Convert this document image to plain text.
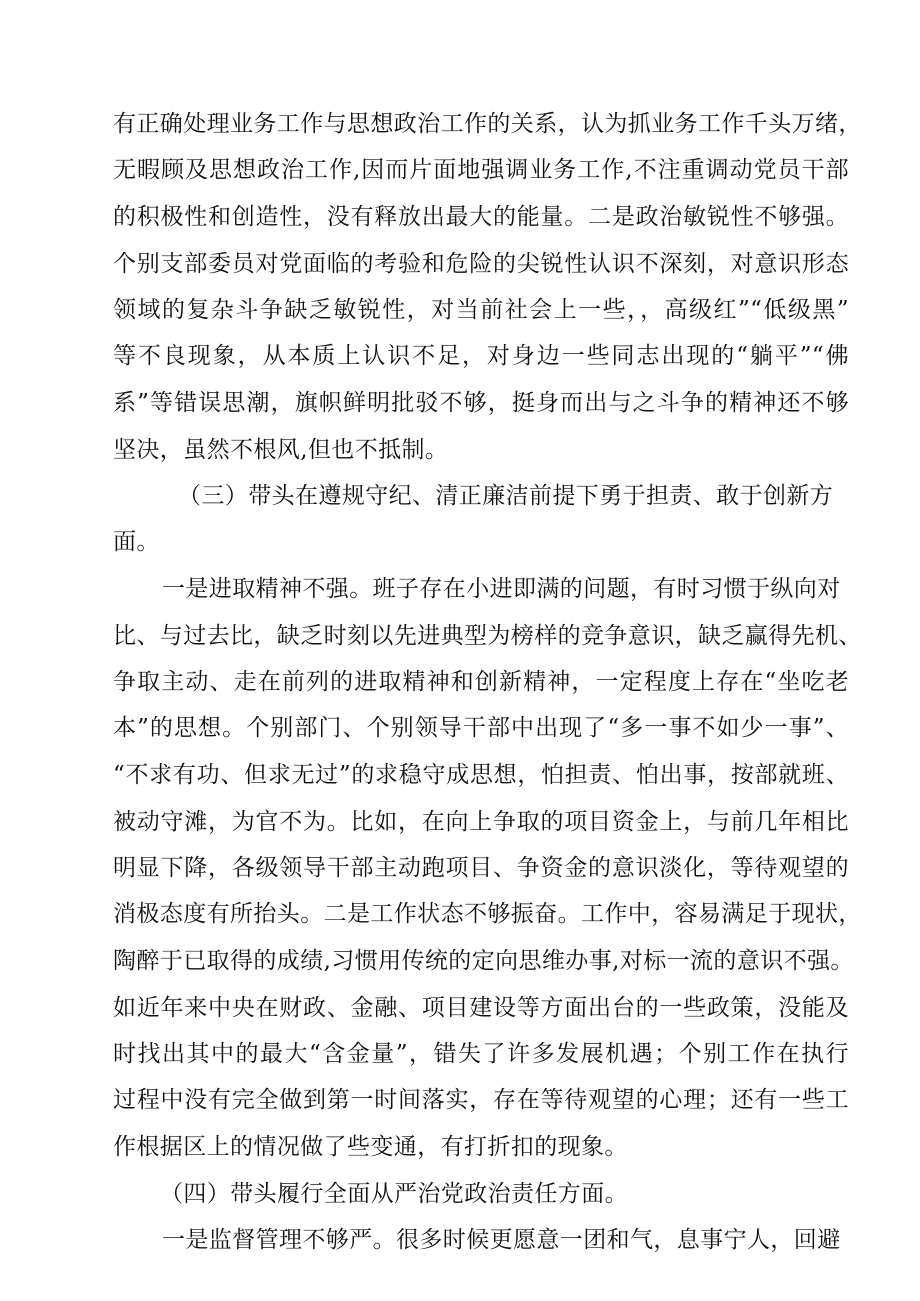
有正确处理业务工作与思想政治工作的关系，认为抓业务工作千头万绪，
无暇顾及思想政治工作,因而片面地强调业务工作,不注重调动党员干部
的积极性和创造性，没有释放出最大的能量。二是政治敏锐性不够强。
个别支部委员对党面临的考验和危险的尖锐性认识不深刻，对意识形态
领域的复杂斗争缺乏敏锐性，对当前社会上一些，，高级红”“低级黑”
等不良现象，从本质上认识不足，对身边一些同志出现的“躺平”“佛
系”等错误思潮，旗帜鲜明批驳不够，挺身而出与之斗争的精神还不够
坚决，虽然不根风,但也不抵制。
（三）带头在遵规守纪、清正廉洁前提下勇于担责、敢于创新方
面。
一是进取精神不强。班子存在小进即满的问题，有时习惯于纵向对
比、与过去比，缺乏时刻以先进典型为榜样的竞争意识，缺乏赢得先机、
争取主动、走在前列的进取精神和创新精神，一定程度上存在“坐吃老
本”的思想。个别部门、个别领导干部中出现了“多一事不如少一事”、
“不求有功、但求无过”的求稳守成思想，怕担责、怕出事，按部就班、
被动守滩，为官不为。比如，在向上争取的项目资金上，与前几年相比
明显下降，各级领导干部主动跑项目、争资金的意识淡化，等待观望的
消极态度有所抬头。二是工作状态不够振奋。工作中，容易满足于现状，
陶醉于已取得的成绩,习惯用传统的定向思维办事,对标一流的意识不强。
如近年来中央在财政、金融、项目建设等方面出台的一些政策，没能及
时找出其中的最大“含金量”，错失了许多发展机遇；个别工作在执行
过程中没有完全做到第一时间落实，存在等待观望的心理；还有一些工
作根据区上的情况做了些变通，有打折扣的现象。
（四）带头履行全面从严治党政治责任方面。
一是监督管理不够严。很多时候更愿意一团和气，息事宁人，回避
